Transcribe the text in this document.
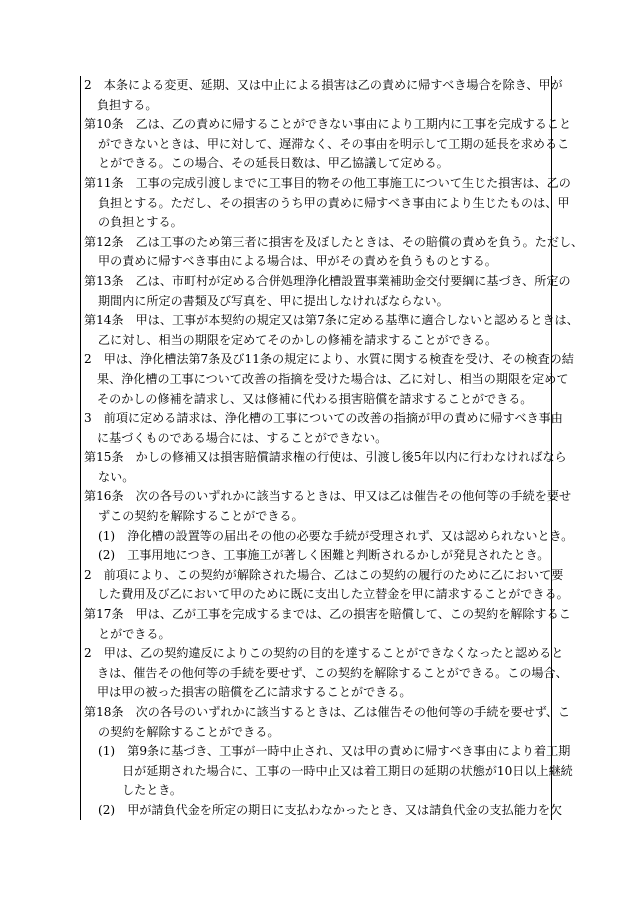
2　本条による変更、延期、又は中止による損害は乙の責めに帰すべき場合を除き、甲が
負担する。
第10条　乙は、乙の責めに帰することができない事由により工期内に工事を完成すること
ができないときは、甲に対して、遅滞なく、その事由を明示して工期の延長を求めるこ
とができる。この場合、その延長日数は、甲乙協議して定める。
第11条　工事の完成引渡しまでに工事目的物その他工事施工について生じた損害は、乙の
負担とする。ただし、その損害のうち甲の責めに帰すべき事由により生じたものは、甲
の負担とする。
第12条　乙は工事のため第三者に損害を及ぼしたときは、その賠償の責めを負う。ただし、
甲の責めに帰すべき事由による場合は、甲がその責めを負うものとする。
第13条　乙は、市町村が定める合併処理浄化槽設置事業補助金交付要綱に基づき、所定の
期間内に所定の書類及び写真を、甲に提出しなければならない。
第14条　甲は、工事が本契約の規定又は第7条に定める基準に適合しないと認めるときは、
乙に対し、相当の期限を定めてそのかしの修補を請求することができる。
2　甲は、浄化槽法第7条及び11条の規定により、水質に関する検査を受け、その検査の結
果、浄化槽の工事について改善の指摘を受けた場合は、乙に対し、相当の期限を定めて
そのかしの修補を請求し、又は修補に代わる損害賠償を請求することができる。
3　前項に定める請求は、浄化槽の工事についての改善の指摘が甲の責めに帰すべき事由
に基づくものである場合には、することができない。
第15条　かしの修補又は損害賠償請求権の行使は、引渡し後5年以内に行わなければなら
ない。
第16条　次の各号のいずれかに該当するときは、甲又は乙は催告その他何等の手続を要せ
ずこの契約を解除することができる。
(1)　浄化槽の設置等の届出その他の必要な手続が受理されず、又は認められないとき。
(2)　工事用地につき、工事施工が著しく困難と判断されるかしが発見されたとき。
2　前項により、この契約が解除された場合、乙はこの契約の履行のために乙において要
した費用及び乙において甲のために既に支出した立替金を甲に請求することができる。
第17条　甲は、乙が工事を完成するまでは、乙の損害を賠償して、この契約を解除するこ
とができる。
2　甲は、乙の契約違反によりこの契約の目的を達することができなくなったと認めると
きは、催告その他何等の手続を要せず、この契約を解除することができる。この場合、
甲は甲の被った損害の賠償を乙に請求することができる。
第18条　次の各号のいずれかに該当するときは、乙は催告その他何等の手続を要せず、こ
の契約を解除することができる。
(1)　第9条に基づき、工事が一時中止され、又は甲の責めに帰すべき事由により着工期
日が延期された場合に、工事の一時中止又は着工期日の延期の状態が10日以上継続
したとき。
(2)　甲が請負代金を所定の期日に支払わなかったとき、又は請負代金の支払能力を欠
